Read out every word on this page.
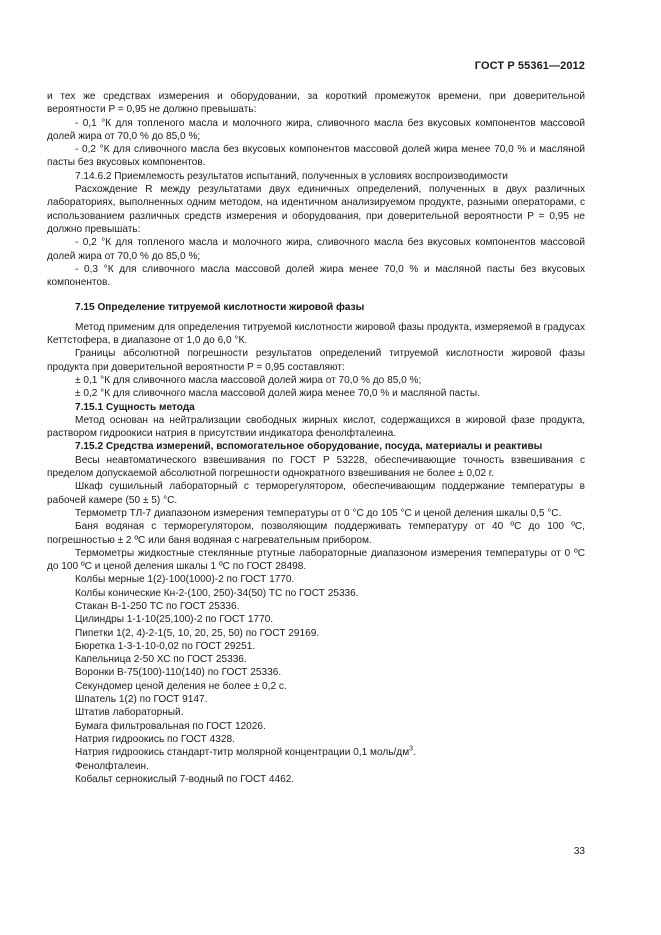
ГОСТ Р 55361—2012

и тех же средствах измерения и оборудовании, за короткий промежуток времени, при доверительной вероятности P = 0,95 не должно превышать:

- 0,1 °К для топленого масла и молочного жира, сливочного масла без вкусовых компонентов массовой долей жира от 70,0 % до 85,0 %;

- 0,2 °К для сливочного масла без вкусовых компонентов массовой долей жира менее 70,0 % и масляной пасты без вкусовых компонентов.

7.14.6.2 Приемлемость результатов испытаний, полученных в условиях воспроизводимости

Расхождение R между результатами двух единичных определений, полученных в двух различных лабораториях, выполненных одним методом, на идентичном анализируемом продукте, разными операторами, с использованием различных средств измерения и оборудования, при доверительной вероятности P = 0,95 не должно превышать:

- 0,2 °К для топленого масла и молочного жира, сливочного масла без вкусовых компонентов массовой долей жира от 70,0 % до 85,0 %;

- 0,3 °К для сливочного масла массовой долей жира менее 70,0 % и масляной пасты без вкусовых компонентов.

7.15 Определение титруемой кислотности жировой фазы

Метод применим для определения титруемой кислотности жировой фазы продукта, измеряемой в градусах Кеттстофера, в диапазоне от 1,0 до 6,0 °К.

Границы абсолютной погрешности результатов определений титруемой кислотности жировой фазы продукта при доверительной вероятности P = 0,95 составляют:

± 0,1 °К для сливочного масла массовой долей жира от 70,0 % до 85,0 %;

± 0,2 °К для сливочного масла массовой долей жира менее 70,0 % и масляной пасты.

7.15.1 Сущность метода

Метод основан на нейтрализации свободных жирных кислот, содержащихся в жировой фазе продукта, раствором гидроокиси натрия в присутствии индикатора фенолфталеина.

7.15.2 Средства измерений, вспомогательное оборудование, посуда, материалы и реактивы

Весы неавтоматического взвешивания по ГОСТ Р 53228, обеспечивающие точность взвешивания с пределом допускаемой абсолютной погрешности однократного взвешивания не более ± 0,02 г.

Шкаф сушильный лабораторный с терморегулятором, обеспечивающим поддержание температуры в рабочей камере (50 ± 5) °С.

Термометр ТЛ-7 диапазоном измерения температуры от 0 °С до 105 °С и ценой деления шкалы 0,5 °С.

Баня водяная с терморегулятором, позволяющим поддерживать температуру от 40 ºС до 100 ºС, погрешностью ± 2 ºС или баня водяная с нагревательным прибором.

Термометры жидкостные стеклянные ртутные лабораторные диапазоном измерения температуры от 0 ºС до 100 ºС и ценой деления шкалы 1 ºС по ГОСТ 28498.

Колбы мерные 1(2)-100(1000)-2 по ГОСТ 1770.

Колбы конические Кн-2-(100, 250)-34(50) ТС по ГОСТ 25336.

Стакан В-1-250 ТС по ГОСТ 25336.

Цилиндры 1-1-10(25,100)-2 по ГОСТ 1770.

Пипетки 1(2, 4)-2-1(5, 10, 20, 25, 50) по ГОСТ 29169.

Бюретка 1-3-1-10-0,02 по ГОСТ 29251.

Капельница 2-50 ХС по ГОСТ 25336.

Воронки В-75(100)-110(140) по ГОСТ 25336.

Секундомер ценой деления не более ± 0,2 с.

Шпатель 1(2) по ГОСТ 9147.

Штатив лабораторный.

Бумага фильтровальная по ГОСТ 12026.

Натрия гидроокись по ГОСТ 4328.

Натрия гидроокись стандарт-титр молярной концентрации 0,1 моль/$дм^3$.

Фенолфталеин.

Кобальт сернокислый 7-водный по ГОСТ 4462.

33
